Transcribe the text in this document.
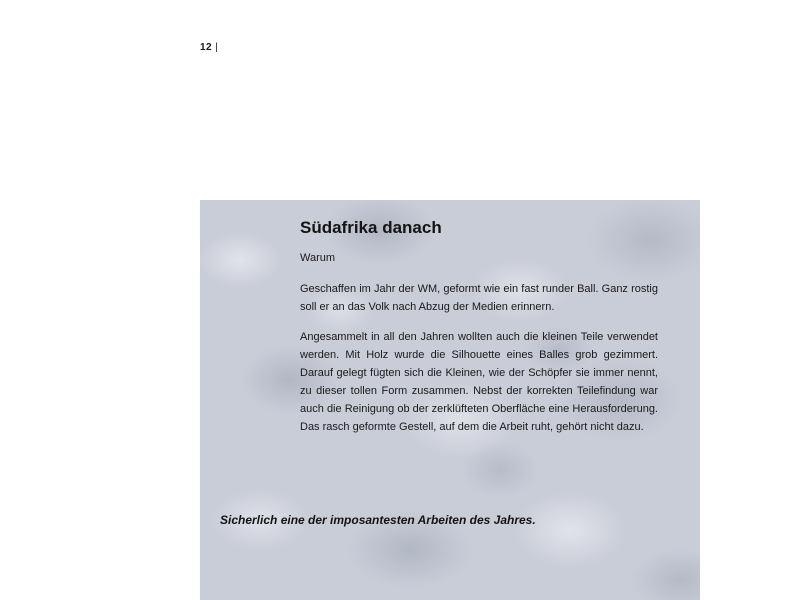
12 |
Südafrika danach

Warum

Geschaffen im Jahr der WM, geformt wie ein fast runder Ball. Ganz rostig soll er an das Volk nach Abzug der Medien erinnern.

Angesammelt in all den Jahren wollten auch die kleinen Teile verwendet werden. Mit Holz wurde die Silhouette eines Balles grob gezimmert. Darauf gelegt fügten sich die Kleinen, wie der Schöpfer sie immer nennt, zu dieser tollen Form zusammen. Nebst der korrekten Teilefindung war auch die Reinigung ob der zerklüfteten Oberfläche eine Herausforderung. Das rasch geformte Gestell, auf dem die Arbeit ruht, gehört nicht dazu.

Sicherlich eine der imposantesten Arbeiten des Jahres.
